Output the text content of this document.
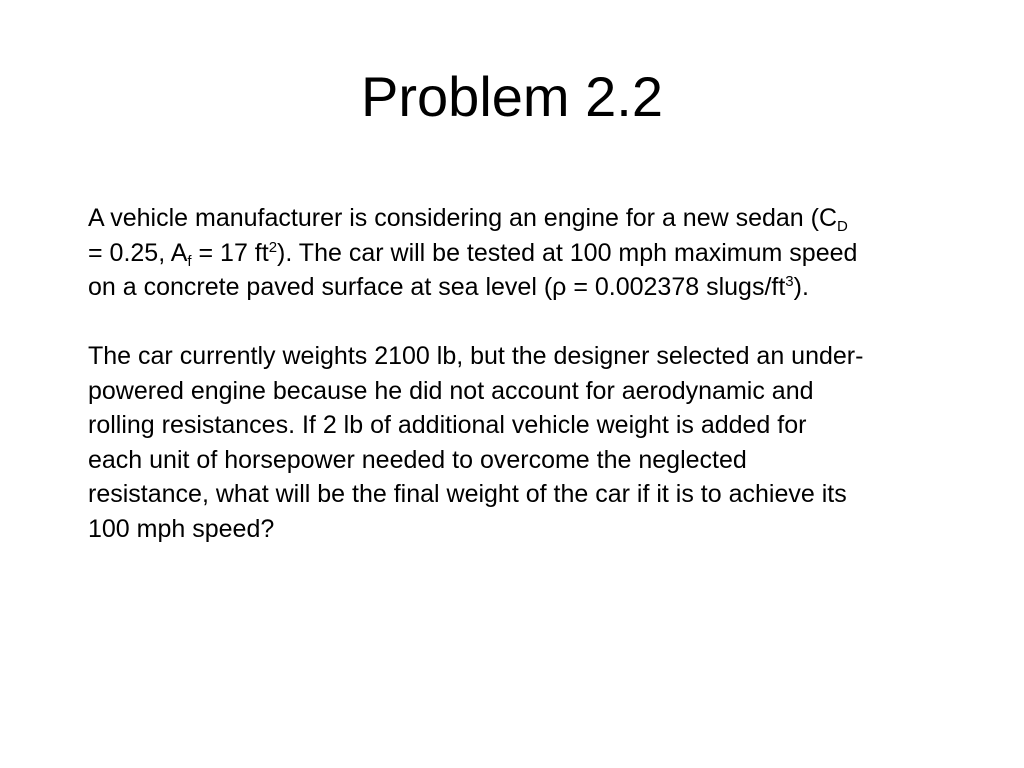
Problem 2.2

A vehicle manufacturer is considering an engine for a new sedan ($C_D$
= 0.25, $A_f = 17$ $ft^2$). The car will be tested at 100 mph maximum speed
on a concrete paved surface at sea level (ρ = 0.002378 slugs/$ft^3$).

The car currently weights 2100 lb, but the designer selected an under-
powered engine because he did not account for aerodynamic and
rolling resistances. If 2 lb of additional vehicle weight is added for
each unit of horsepower needed to overcome the neglected
resistance, what will be the final weight of the car if it is to achieve its
100 mph speed?
